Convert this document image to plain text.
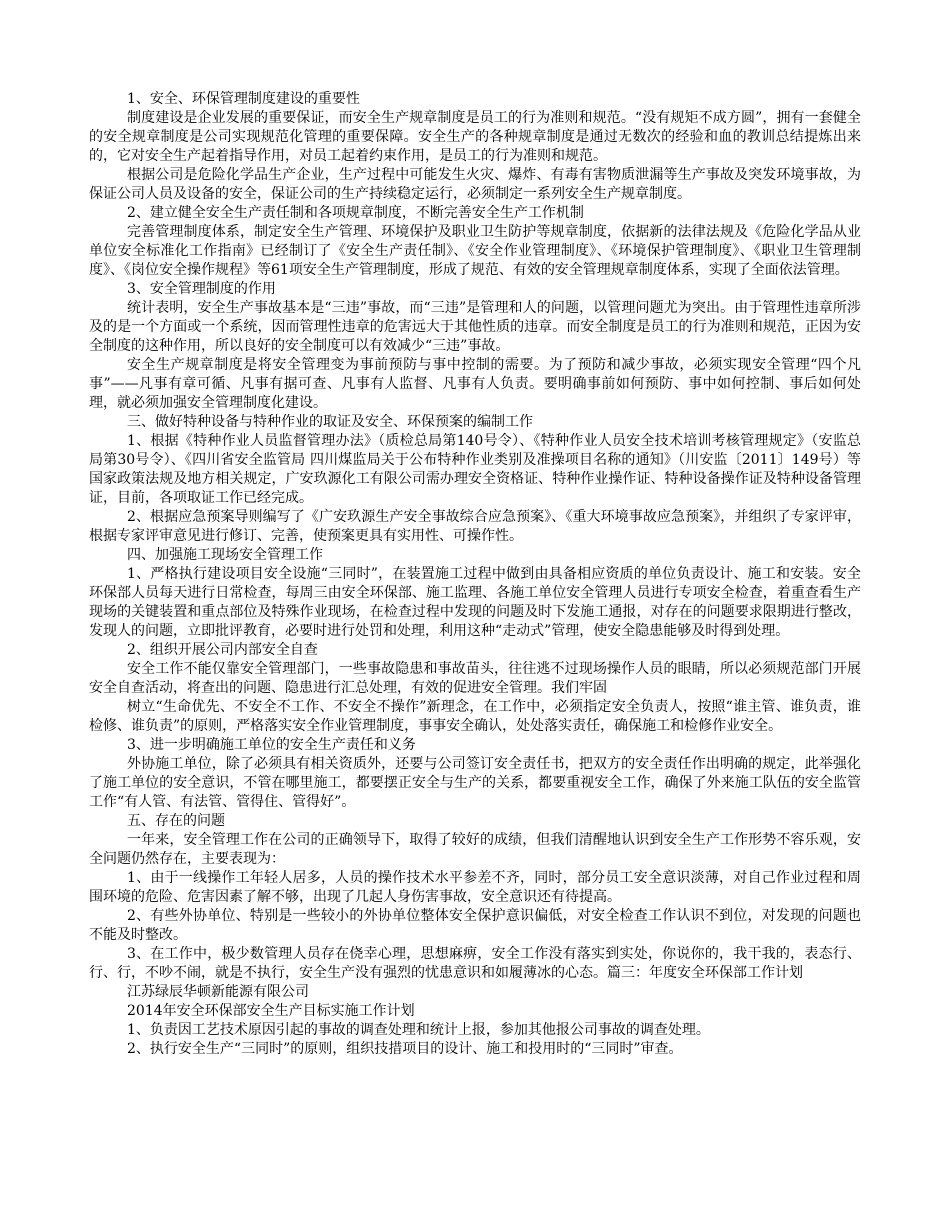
1、安全、环保管理制度建设的重要性

制度建设是企业发展的重要保证，而安全生产规章制度是员工的行为准则和规范。“没有规矩不成方圆”，拥有一套健全的安全规章制度是公司实现规范化管理的重要保障。安全生产的各种规章制度是通过无数次的经验和血的教训总结提炼出来的，它对安全生产起着指导作用，对员工起着约束作用，是员工的行为准则和规范。

根据公司是危险化学品生产企业，生产过程中可能发生火灾、爆炸、有毒有害物质泄漏等生产事故及突发环境事故，为保证公司人员及设备的安全，保证公司的生产持续稳定运行，必须制定一系列安全生产规章制度。

2、建立健全安全生产责任制和各项规章制度，不断完善安全生产工作机制

完善管理制度体系，制定安全生产管理、环境保护及职业卫生防护等规章制度，依据新的法律法规及《危险化学品从业单位安全标准化工作指南》已经制订了《安全生产责任制》、《安全作业管理制度》、《环境保护管理制度》、《职业卫生管理制度》、《岗位安全操作规程》等61项安全生产管理制度，形成了规范、有效的安全管理规章制度体系，实现了全面依法管理。

3、安全管理制度的作用

统计表明，安全生产事故基本是“三违”事故，而“三违”是管理和人的问题，以管理问题尤为突出。由于管理性违章所涉及的是一个方面或一个系统，因而管理性违章的危害远大于其他性质的违章。而安全制度是员工的行为准则和规范，正因为安全制度的这种作用，所以良好的安全制度可以有效减少“三违”事故。

安全生产规章制度是将安全管理变为事前预防与事中控制的需要。为了预防和减少事故，必须实现安全管理“四个凡事”——凡事有章可循、凡事有据可查、凡事有人监督、凡事有人负责。要明确事前如何预防、事中如何控制、事后如何处理，就必须加强安全管理制度化建设。

三、做好特种设备与特种作业的取证及安全、环保预案的编制工作

1、根据《特种作业人员监督管理办法》（质检总局第140号令）、《特种作业人员安全技术培训考核管理规定》（安监总局第30号令）、《四川省安全监管局 四川煤监局关于公布特种作业类别及准操项目名称的通知》（川安监〔2011〕149号）等国家政策法规及地方相关规定，广安玖源化工有限公司需办理安全资格证、特种作业操作证、特种设备操作证及特种设备管理证，目前，各项取证工作已经完成。

2、根据应急预案导则编写了《广安玖源生产安全事故综合应急预案》、《重大环境事故应急预案》，并组织了专家评审，根据专家评审意见进行修订、完善，使预案更具有实用性、可操作性。

四、加强施工现场安全管理工作

1、严格执行建设项目安全设施“三同时”，在装置施工过程中做到由具备相应资质的单位负责设计、施工和安装。安全环保部人员每天进行日常检查，每周三由安全环保部、施工监理、各施工单位安全管理人员进行专项安全检查，着重查看生产现场的关键装置和重点部位及特殊作业现场，在检查过程中发现的问题及时下发施工通报，对存在的问题要求限期进行整改，发现人的问题，立即批评教育，必要时进行处罚和处理，利用这种“走动式”管理，使安全隐患能够及时得到处理。

2、组织开展公司内部安全自查

安全工作不能仅靠安全管理部门，一些事故隐患和事故苗头，往往逃不过现场操作人员的眼睛，所以必须规范部门开展安全自查活动，将查出的问题、隐患进行汇总处理，有效的促进安全管理。我们牢固

树立“生命优先、不安全不工作、不安全不操作”新理念，在工作中，必须指定安全负责人，按照“谁主管、谁负责，谁检修、谁负责”的原则，严格落实安全作业管理制度，事事安全确认，处处落实责任，确保施工和检修作业安全。

3、进一步明确施工单位的安全生产责任和义务

外协施工单位，除了必须具有相关资质外，还要与公司签订安全责任书，把双方的安全责任作出明确的规定，此举强化了施工单位的安全意识，不管在哪里施工，都要摆正安全与生产的关系，都要重视安全工作，确保了外来施工队伍的安全监管工作“有人管、有法管、管得住、管得好”。

五、存在的问题

一年来，安全管理工作在公司的正确领导下，取得了较好的成绩，但我们清醒地认识到安全生产工作形势不容乐观，安全问题仍然存在，主要表现为：

1、由于一线操作工年轻人居多，人员的操作技术水平参差不齐，同时，部分员工安全意识淡薄，对自己作业过程和周围环境的危险、危害因素了解不够，出现了几起人身伤害事故，安全意识还有待提高。

2、有些外协单位、特别是一些较小的外协单位整体安全保护意识偏低，对安全检查工作认识不到位，对发现的问题也不能及时整改。

3、在工作中，极少数管理人员存在侥幸心理，思想麻痹，安全工作没有落实到实处，你说你的，我干我的，表态行、行、行，不吵不闹，就是不执行，安全生产没有强烈的忧患意识和如履薄冰的心态。篇三：年度安全环保部工作计划

江苏绿辰华顿新能源有限公司

2014年安全环保部安全生产目标实施工作计划

1、负责因工艺技术原因引起的事故的调查处理和统计上报，参加其他报公司事故的调查处理。

2、执行安全生产“三同时”的原则，组织技措项目的设计、施工和投用时的“三同时”审查。
